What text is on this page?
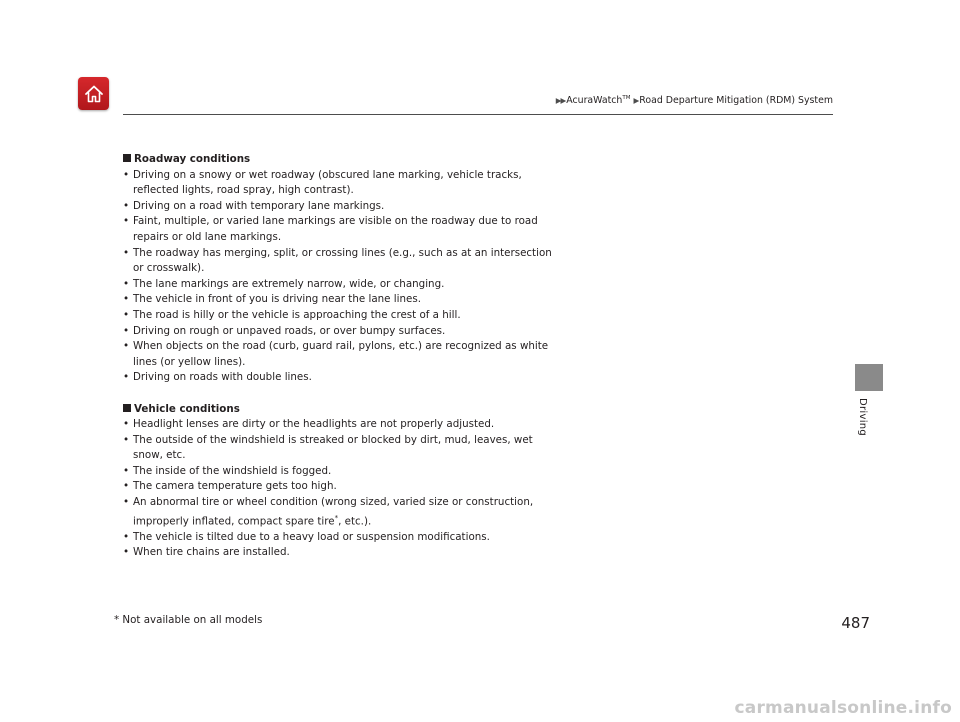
▶▶AcuraWatch™ ▶Road Departure Mitigation (RDM) System
Driving
Roadway conditions
• Driving on a snowy or wet roadway (obscured lane marking, vehicle tracks, reflected lights, road spray, high contrast).
• Driving on a road with temporary lane markings.
• Faint, multiple, or varied lane markings are visible on the roadway due to road repairs or old lane markings.
• The roadway has merging, split, or crossing lines (e.g., such as at an intersection or crosswalk).
• The lane markings are extremely narrow, wide, or changing.
• The vehicle in front of you is driving near the lane lines.
• The road is hilly or the vehicle is approaching the crest of a hill.
• Driving on rough or unpaved roads, or over bumpy surfaces.
• When objects on the road (curb, guard rail, pylons, etc.) are recognized as white lines (or yellow lines).
• Driving on roads with double lines.
Vehicle conditions
• Headlight lenses are dirty or the headlights are not properly adjusted.
• The outside of the windshield is streaked or blocked by dirt, mud, leaves, wet snow, etc.
• The inside of the windshield is fogged.
• The camera temperature gets too high.
• An abnormal tire or wheel condition (wrong sized, varied size or construction, improperly inflated, compact spare tire*, etc.).
• The vehicle is tilted due to a heavy load or suspension modifications.
• When tire chains are installed.
* Not available on all models	487
carmanualsonline.info
